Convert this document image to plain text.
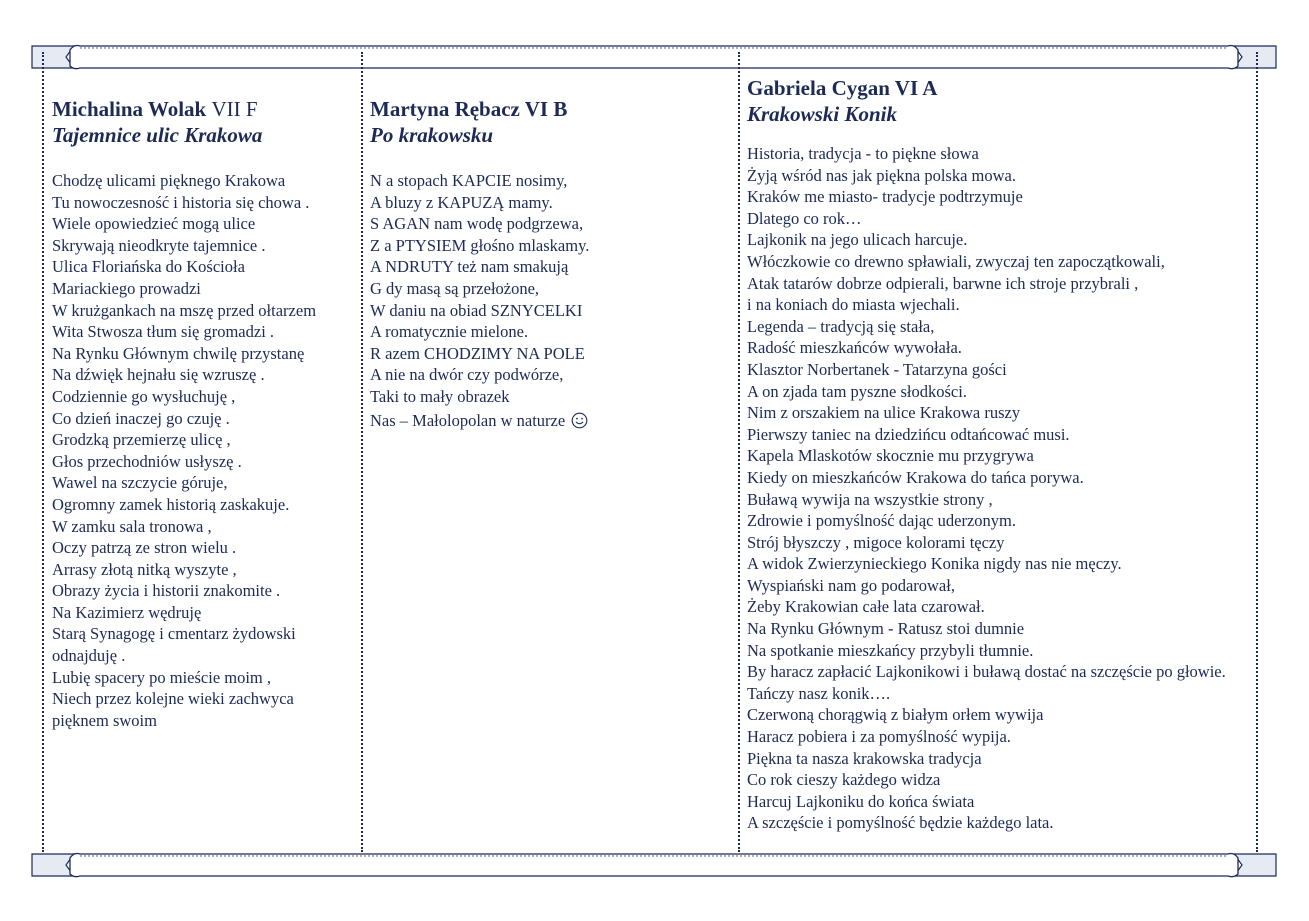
Michalina Wolak VII F
Tajemnice ulic Krakowa
Chodzę ulicami pięknego Krakowa
Tu nowoczesność i historia się chowa .
Wiele opowiedzieć mogą ulice
Skrywają nieodkryte tajemnice .
Ulica Floriańska do Kościoła
Mariackiego prowadzi
W krużgankach na mszę przed ołtarzem
Wita Stwosza tłum się gromadzi .
Na Rynku Głównym chwilę przystanę
Na dźwięk hejnału się wzruszę .
Codziennie go wysłuchuję ,
Co dzień inaczej go czuję .
Grodzką przemierzę ulicę ,
Głos przechodniów usłyszę .
Wawel na szczycie góruje,
Ogromny zamek historią zaskakuje.
W zamku sala tronowa ,
Oczy patrzą ze stron wielu .
Arrasy złotą nitką wyszyte ,
Obrazy życia i historii znakomite .
Na Kazimierz wędruję
Starą Synagogę i cmentarz żydowski
odnajduję .
Lubię spacery po mieście moim ,
Niech przez kolejne wieki zachwyca
pięknem swoim
Martyna Rębacz VI B
Po krakowsku
N a stopach KAPCIE nosimy,
A bluzy z KAPUZĄ mamy.
S AGAN nam wodę podgrzewa,
Z a PTYSIEM głośno mlaskamy.
A NDRUTY też nam smakują
G dy masą są przełożone,
W daniu na obiad SZNYCELKI
A romatycznie mielone.
R azem CHODZIMY NA POLE
A nie na dwór czy podwórze,
Taki to mały obrazek
Nas – Małolopolan w naturze
Gabriela Cygan VI A
Krakowski Konik
Historia, tradycja - to piękne słowa
Żyją wśród nas jak piękna polska mowa.
Kraków me miasto- tradycje podtrzymuje
Dlatego co rok…
Lajkonik na jego ulicach harcuje.
Włóczkowie co drewno spławiali, zwyczaj ten zapoczątkowali,
Atak tatarów dobrze odpierali, barwne ich stroje przybrali ,
i na koniach do miasta wjechali.
Legenda – tradycją się stała,
Radość mieszkańców wywołała.
Klasztor Norbertanek - Tatarzyna gości
A on zjada tam pyszne słodkości.
Nim z orszakiem na ulice Krakowa ruszy
Pierwszy taniec na dziedzińcu odtańcować musi.
Kapela Mlaskotów skocznie mu przygrywa
Kiedy on mieszkańców Krakowa do tańca porywa.
Buławą wywija na wszystkie strony ,
Zdrowie i pomyślność dając uderzonym.
Strój błyszczy , migoce kolorami tęczy
A widok Zwierzynieckiego Konika nigdy nas nie męczy.
Wyspiański nam go podarował,
Żeby Krakowian całe lata czarował.
Na Rynku Głównym - Ratusz stoi dumnie
Na spotkanie mieszkańcy przybyli tłumnie.
By haracz zapłacić Lajkonikowi i buławą dostać na szczęście po głowie.
Tańczy nasz konik….
Czerwoną chorągwią z białym orłem wywija
Haracz pobiera i za pomyślność wypija.
Piękna ta nasza krakowska tradycja
Co rok cieszy każdego widza
Harcuj Lajkoniku do końca świata
A szczęście i pomyślność będzie każdego lata.
